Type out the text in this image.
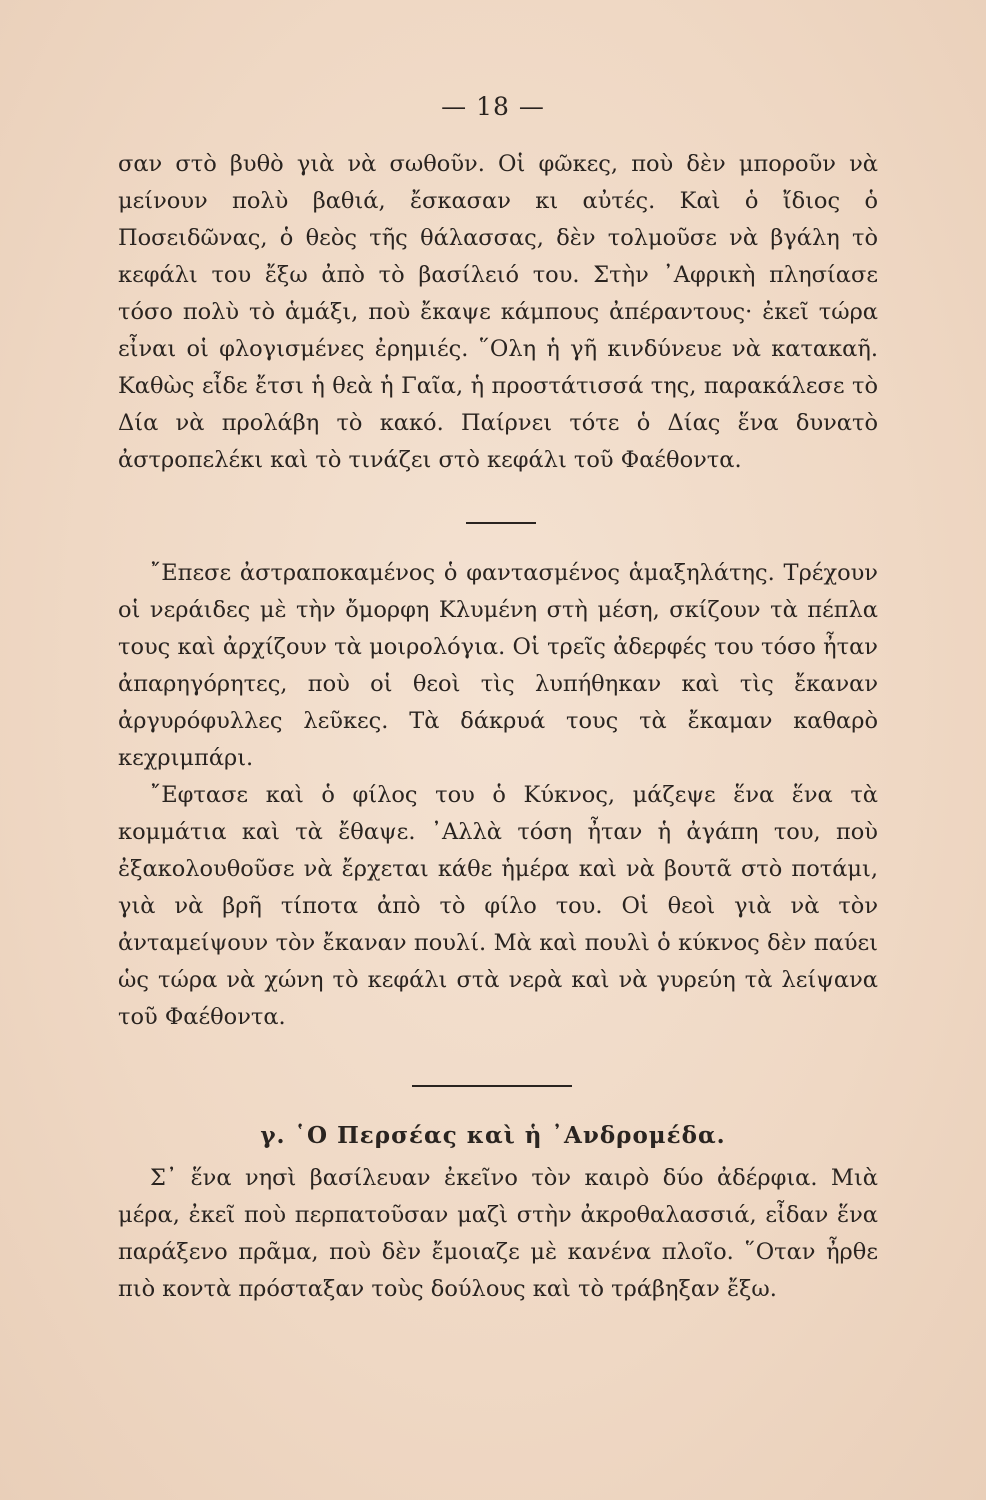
— 18 —

σαν στὸ βυθὸ γιὰ νὰ σωθοῦν. Οἱ φῶκες, ποὺ δὲν μποροῦν νὰ μείνουν πολὺ βαθιά, ἔσκασαν κι αὐτές. Καὶ ὁ ἴδιος ὁ Ποσειδῶνας, ὁ θεὸς τῆς θάλασσας, δὲν τολμοῦσε νὰ βγάλη τὸ κεφάλι του ἔξω ἀπὸ τὸ βασίλειό του. Στὴν ᾿Αφρικὴ πλησίασε τόσο πολὺ τὸ ἁμάξι, ποὺ ἔκαψε κάμπους ἀπέραντους· ἐκεῖ τώρα εἶναι οἱ φλογισμένες ἐρημιές. ῞Ολη ἡ γῆ κινδύνευε νὰ κατακαῆ. Καθὼς εἶδε ἔτσι ἡ θεὰ ἡ Γαῖα, ἡ προστάτισσά της, παρακάλεσε τὸ Δία νὰ προλάβη τὸ κακό. Παίρνει τότε ὁ Δίας ἕνα δυνατὸ ἀστροπελέκι καὶ τὸ τινάζει στὸ κεφάλι τοῦ Φαέθοντα.

῎Επεσε ἀστραποκαμένος ὁ φαντασμένος ἁμαξηλάτης. Τρέχουν οἱ νεράιδες μὲ τὴν ὄμορφη Κλυμένη στὴ μέση, σκίζουν τὰ πέπλα τους καὶ ἀρχίζουν τὰ μοιρολόγια. Οἱ τρεῖς ἀδερφές του τόσο ἦταν ἀπαρηγόρητες, ποὺ οἱ θεοὶ τὶς λυπήθηκαν καὶ τὶς ἔκαναν ἀργυρόφυλλες λεῦκες. Τὰ δάκρυά τους τὰ ἔκαμαν καθαρὸ κεχριμπάρι.

῎Εφτασε καὶ ὁ φίλος του ὁ Κύκνος, μάζεψε ἕνα ἕνα τὰ κομμάτια καὶ τὰ ἔθαψε. ᾿Αλλὰ τόση ἦταν ἡ ἀγάπη του, ποὺ ἐξακολουθοῦσε νὰ ἔρχεται κάθε ἡμέρα καὶ νὰ βουτᾶ στὸ ποτάμι, γιὰ νὰ βρῆ τίποτα ἀπὸ τὸ φίλο του. Οἱ θεοὶ γιὰ νὰ τὸν ἀνταμείψουν τὸν ἔκαναν πουλί. Μὰ καὶ πουλὶ ὁ κύκνος δὲν παύει ὡς τώρα νὰ χώνη τὸ κεφάλι στὰ νερὰ καὶ νὰ γυρεύη τὰ λείψανα τοῦ Φαέθοντα.

γ. ῾Ο Περσέας καὶ ἡ ᾿Ανδρομέδα.

Σ᾿ ἕνα νησὶ βασίλευαν ἐκεῖνο τὸν καιρὸ δύο ἀδέρφια. Μιὰ μέρα, ἐκεῖ ποὺ περπατοῦσαν μαζὶ στὴν ἀκροθαλασσιά, εἶδαν ἕνα παράξενο πρᾶμα, ποὺ δὲν ἔμοιαζε μὲ κανένα πλοῖο. ῞Οταν ἦρθε πιὸ κοντὰ πρόσταξαν τοὺς δούλους καὶ τὸ τράβηξαν ἔξω.
